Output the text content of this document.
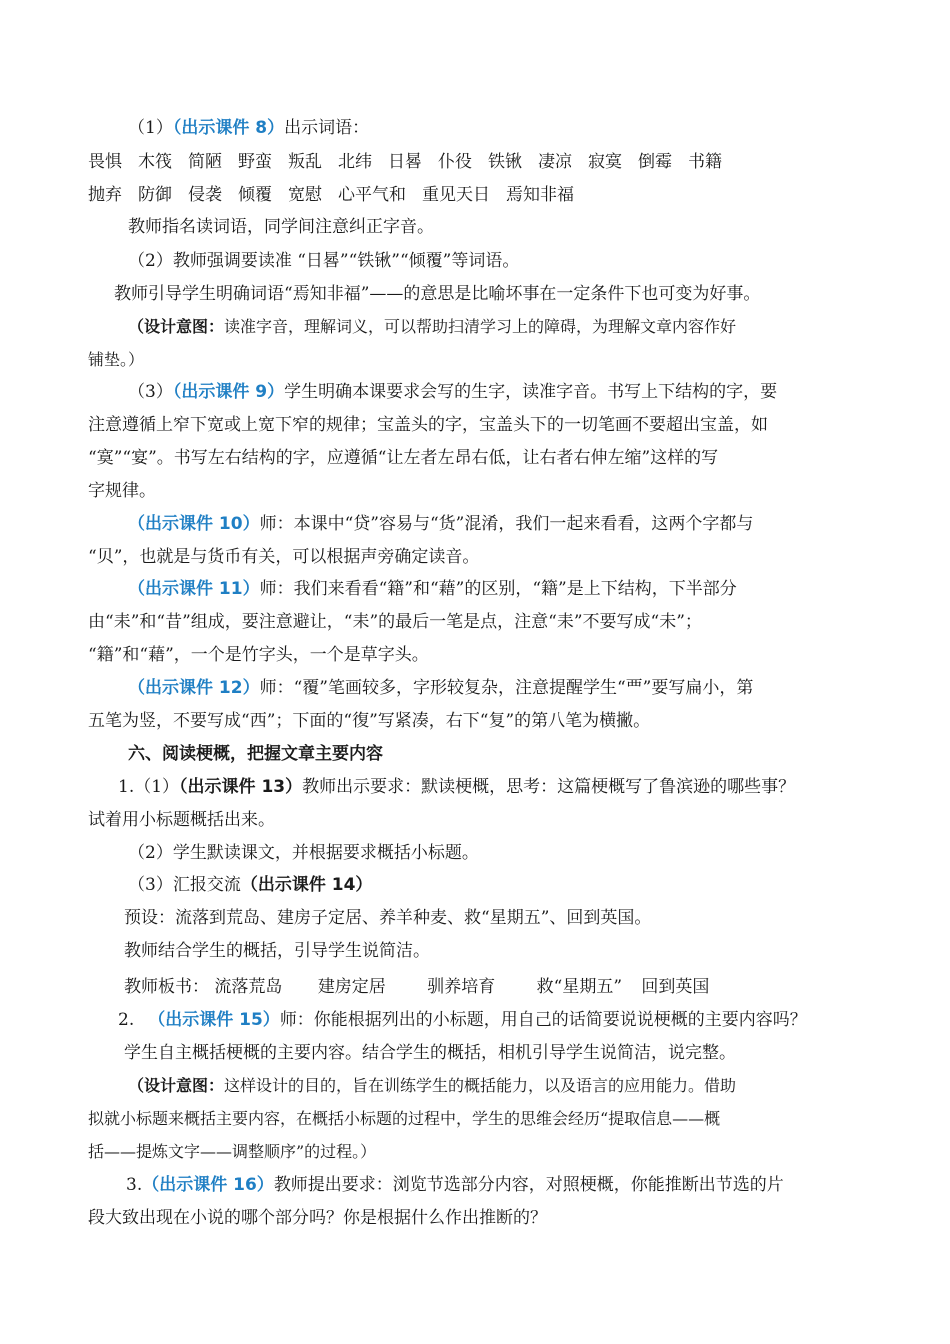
（1）（出示课件 8）出示词语：
畏惧 木筏 简陋 野蛮 叛乱 北纬 日晷 仆役 铁锹 凄凉 寂寞 倒霉 书籍
抛弃 防御 侵袭 倾覆 宽慰 心平气和 重见天日 焉知非福
教师指名读词语，同学间注意纠正字音。
（2）教师强调要读准 “日晷”“铁锹”“倾覆”等词语。
教师引导学生明确词语“焉知非福”——的意思是比喻坏事在一定条件下也可变为好事。
（设计意图：读准字音，理解词义，可以帮助扫清学习上的障碍，为理解文章内容作好
铺垫。）
（3）（出示课件 9）学生明确本课要求会写的生字，读准字音。书写上下结构的字，要
注意遵循上窄下宽或上宽下窄的规律；宝盖头的字，宝盖头下的一切笔画不要超出宝盖，如
“寞”“宴”。书写左右结构的字，应遵循“让左者左昂右低，让右者右伸左缩”这样的写
字规律。
（出示课件 10）师：本课中“贷”容易与“货”混淆，我们一起来看看，这两个字都与
“贝”，也就是与货币有关，可以根据声旁确定读音。
（出示课件 11）师：我们来看看“籍”和“藉”的区别，“籍”是上下结构，下半部分
由“耒”和“昔”组成，要注意避让，“耒”的最后一笔是点，注意“耒”不要写成“未”；
“籍”和“藉”，一个是竹字头，一个是草字头。
（出示课件 12）师：“覆”笔画较多，字形较复杂，注意提醒学生“覀”要写扁小，第
五笔为竖，不要写成“西”；下面的“復”写紧凑，右下“复”的第八笔为横撇。
六、阅读梗概，把握文章主要内容
1.（1）（出示课件 13）教师出示要求：默读梗概，思考：这篇梗概写了鲁滨逊的哪些事？
试着用小标题概括出来。
（2）学生默读课文，并根据要求概括小标题。
（3）汇报交流（出示课件 14）
预设：流落到荒岛、建房子定居、养羊种麦、救“星期五”、回到英国。
教师结合学生的概括，引导学生说简洁。
教师板书： 流落荒岛 建房定居 驯养培育 救“星期五” 回到英国
2. （出示课件 15）师：你能根据列出的小标题，用自己的话简要说说梗概的主要内容吗？
学生自主概括梗概的主要内容。结合学生的概括，相机引导学生说简洁，说完整。
（设计意图：这样设计的目的，旨在训练学生的概括能力，以及语言的应用能力。借助
拟就小标题来概括主要内容，在概括小标题的过程中，学生的思维会经历“提取信息——概
括——提炼文字——调整顺序”的过程。）
3.（出示课件 16）教师提出要求：浏览节选部分内容，对照梗概，你能推断出节选的片
段大致出现在小说的哪个部分吗？你是根据什么作出推断的？
